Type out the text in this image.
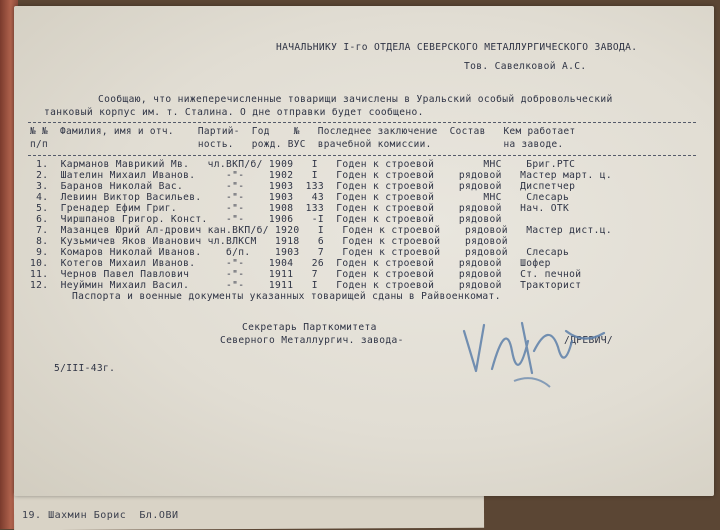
19. Шахмин Борис  Бл.ОВИ
НАЧАЛЬНИКУ I-го ОТДЕЛА СЕВЕРСКОГО МЕТАЛЛУРГИЧЕСКОГО ЗАВОДА.
Тов. Савелковой А.С.
Сообщаю, что нижеперечисленные товарищи зачислены в Уральский особый добровольческий
танковый корпус им. т. Сталина. О дне отправки будет сообщено.
№ №  Фамилия, имя и отч.    Партий-  Год    №   Последнее заключение  Состав   Кем работает
п/п                         ность.   рожд. ВУС  врачебной комиссии.            на заводе.
1.  Карманов Маврикий Мв.   чл.ВКП/б/ 1909   I   Годен к строевой        МНС    Бриг.РТС
2.  Шателин Михаил Иванов.     -"-    1902   I   Годен к строевой    рядовой   Мастер март. ц.
3.  Баранов Николай Вас.       -"-    1903  133  Годен к строевой    рядовой   Диспетчер
4.  Левиин Виктор Васильев.    -"-    1903   43  Годен к строевой        МНС    Слесарь
5.  Гренадер Ефим Григ.        -"-    1908  133  Годен к строевой    рядовой   Нач. ОТК
6.  Чиршпанов Григор. Конст.   -"-    1906   -I  Годен к строевой    рядовой
7.  Мазанцев Юрий Ал-дрович кан.ВКП/б/ 1920   I   Годен к строевой    рядовой   Мастер дист.ц.
8.  Кузьмичев Яков Иванович чл.ВЛКСМ   1918   6   Годен к строевой    рядовой
9.  Комаров Николай Иванов.    б/п.    1903   7   Годен к строевой    рядовой   Слесарь
10.  Котегов Михаил Иванов.     -"-    1904   26  Годен к строевой    рядовой   Шофер
11.  Чернов Павел Павлович      -"-    1911   7   Годен к строевой    рядовой   Ст. печной
12.  Неуймин Михаил Васил.      -"-    1911   I   Годен к строевой    рядовой   Тракторист
Паспорта и военные документы указанных товарищей сданы в Райвоенкомат.
Секретарь Парткомитета
Северного Металлургич. завода-	/ДРЕВИЧ/
5/III-43г.
